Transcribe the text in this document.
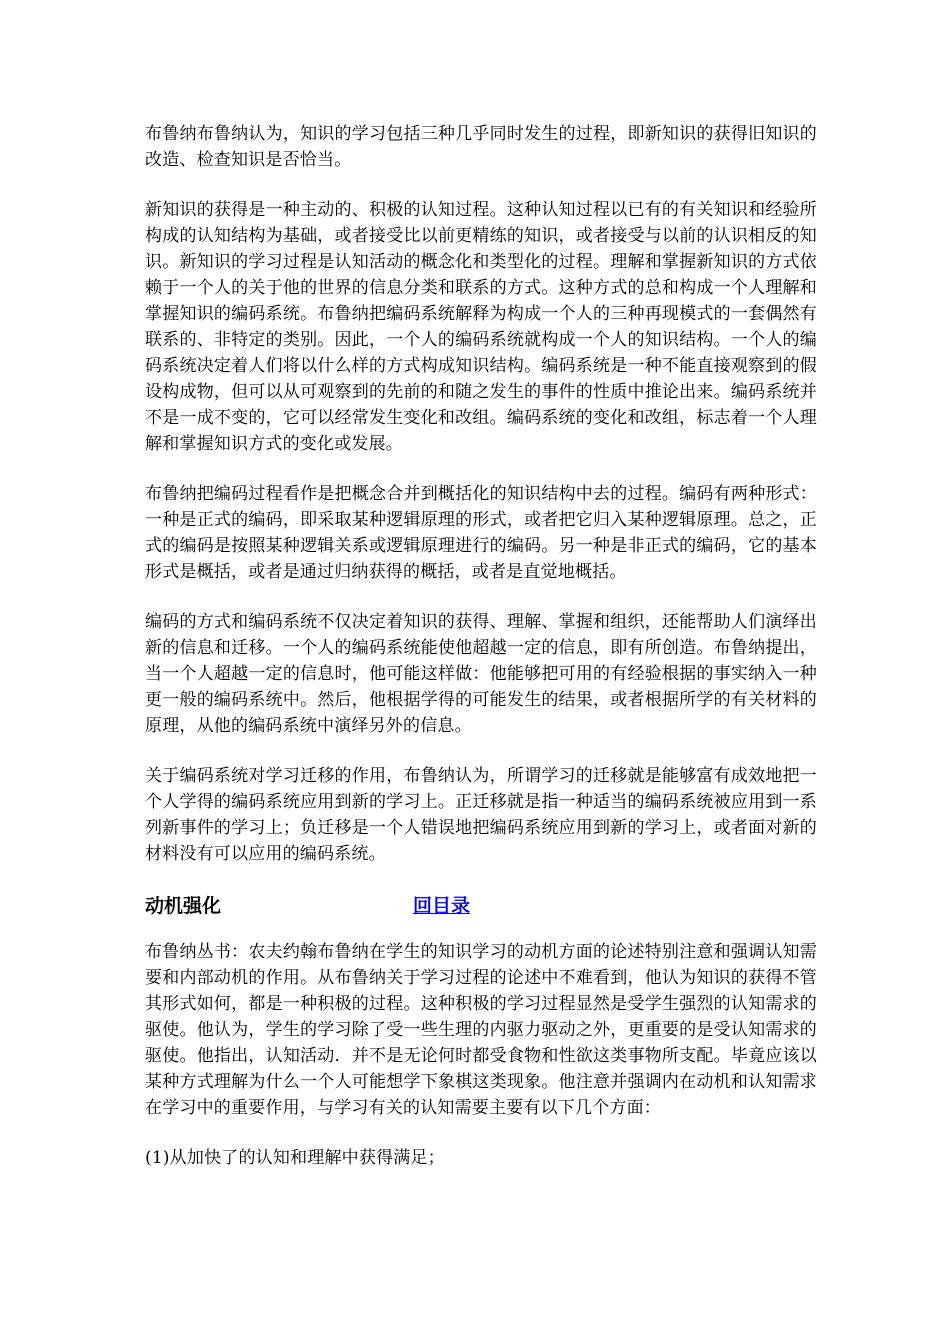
布鲁纳布鲁纳认为，知识的学习包括三种几乎同时发生的过程，即新知识的获得旧知识的改造、检查知识是否恰当。

新知识的获得是一种主动的、积极的认知过程。这种认知过程以已有的有关知识和经验所构成的认知结构为基础，或者接受比以前更精练的知识，或者接受与以前的认识相反的知识。新知识的学习过程是认知活动的概念化和类型化的过程。理解和掌握新知识的方式依赖于一个人的关于他的世界的信息分类和联系的方式。这种方式的总和构成一个人理解和掌握知识的编码系统。布鲁纳把编码系统解释为构成一个人的三种再现模式的一套偶然有联系的、非特定的类别。因此，一个人的编码系统就构成一个人的知识结构。一个人的编码系统决定着人们将以什么样的方式构成知识结构。编码系统是一种不能直接观察到的假设构成物，但可以从可观察到的先前的和随之发生的事件的性质中推论出来。编码系统并不是一成不变的，它可以经常发生变化和改组。编码系统的变化和改组，标志着一个人理解和掌握知识方式的变化或发展。

布鲁纳把编码过程看作是把概念合并到概括化的知识结构中去的过程。编码有两种形式：一种是正式的编码，即采取某种逻辑原理的形式，或者把它归入某种逻辑原理。总之，正式的编码是按照某种逻辑关系或逻辑原理进行的编码。另一种是非正式的编码，它的基本形式是概括，或者是通过归纳获得的概括，或者是直觉地概括。

编码的方式和编码系统不仅决定着知识的获得、理解、掌握和组织，还能帮助人们演绎出新的信息和迁移。一个人的编码系统能使他超越一定的信息，即有所创造。布鲁纳提出，当一个人超越一定的信息时，他可能这样做：他能够把可用的有经验根据的事实纳入一种更一般的编码系统中。然后，他根据学得的可能发生的结果，或者根据所学的有关材料的原理，从他的编码系统中演绎另外的信息。

关于编码系统对学习迁移的作用，布鲁纳认为，所谓学习的迁移就是能够富有成效地把一个人学得的编码系统应用到新的学习上。正迁移就是指一种适当的编码系统被应用到一系列新事件的学习上；负迁移是一个人错误地把编码系统应用到新的学习上，或者面对新的材料没有可以应用的编码系统。

动机强化	回目录

布鲁纳丛书：农夫约翰布鲁纳在学生的知识学习的动机方面的论述特别注意和强调认知需要和内部动机的作用。从布鲁纳关于学习过程的论述中不难看到，他认为知识的获得不管其形式如何，都是一种积极的过程。这种积极的学习过程显然是受学生强烈的认知需求的驱使。他认为，学生的学习除了受一些生理的内驱力驱动之外，更重要的是受认知需求的驱使。他指出，认知活动．并不是无论何时都受食物和性欲这类事物所支配。毕竟应该以某种方式理解为什么一个人可能想学下象棋这类现象。他注意并强调内在动机和认知需求在学习中的重要作用，与学习有关的认知需要主要有以下几个方面：

(1)从加快了的认知和理解中获得满足；
